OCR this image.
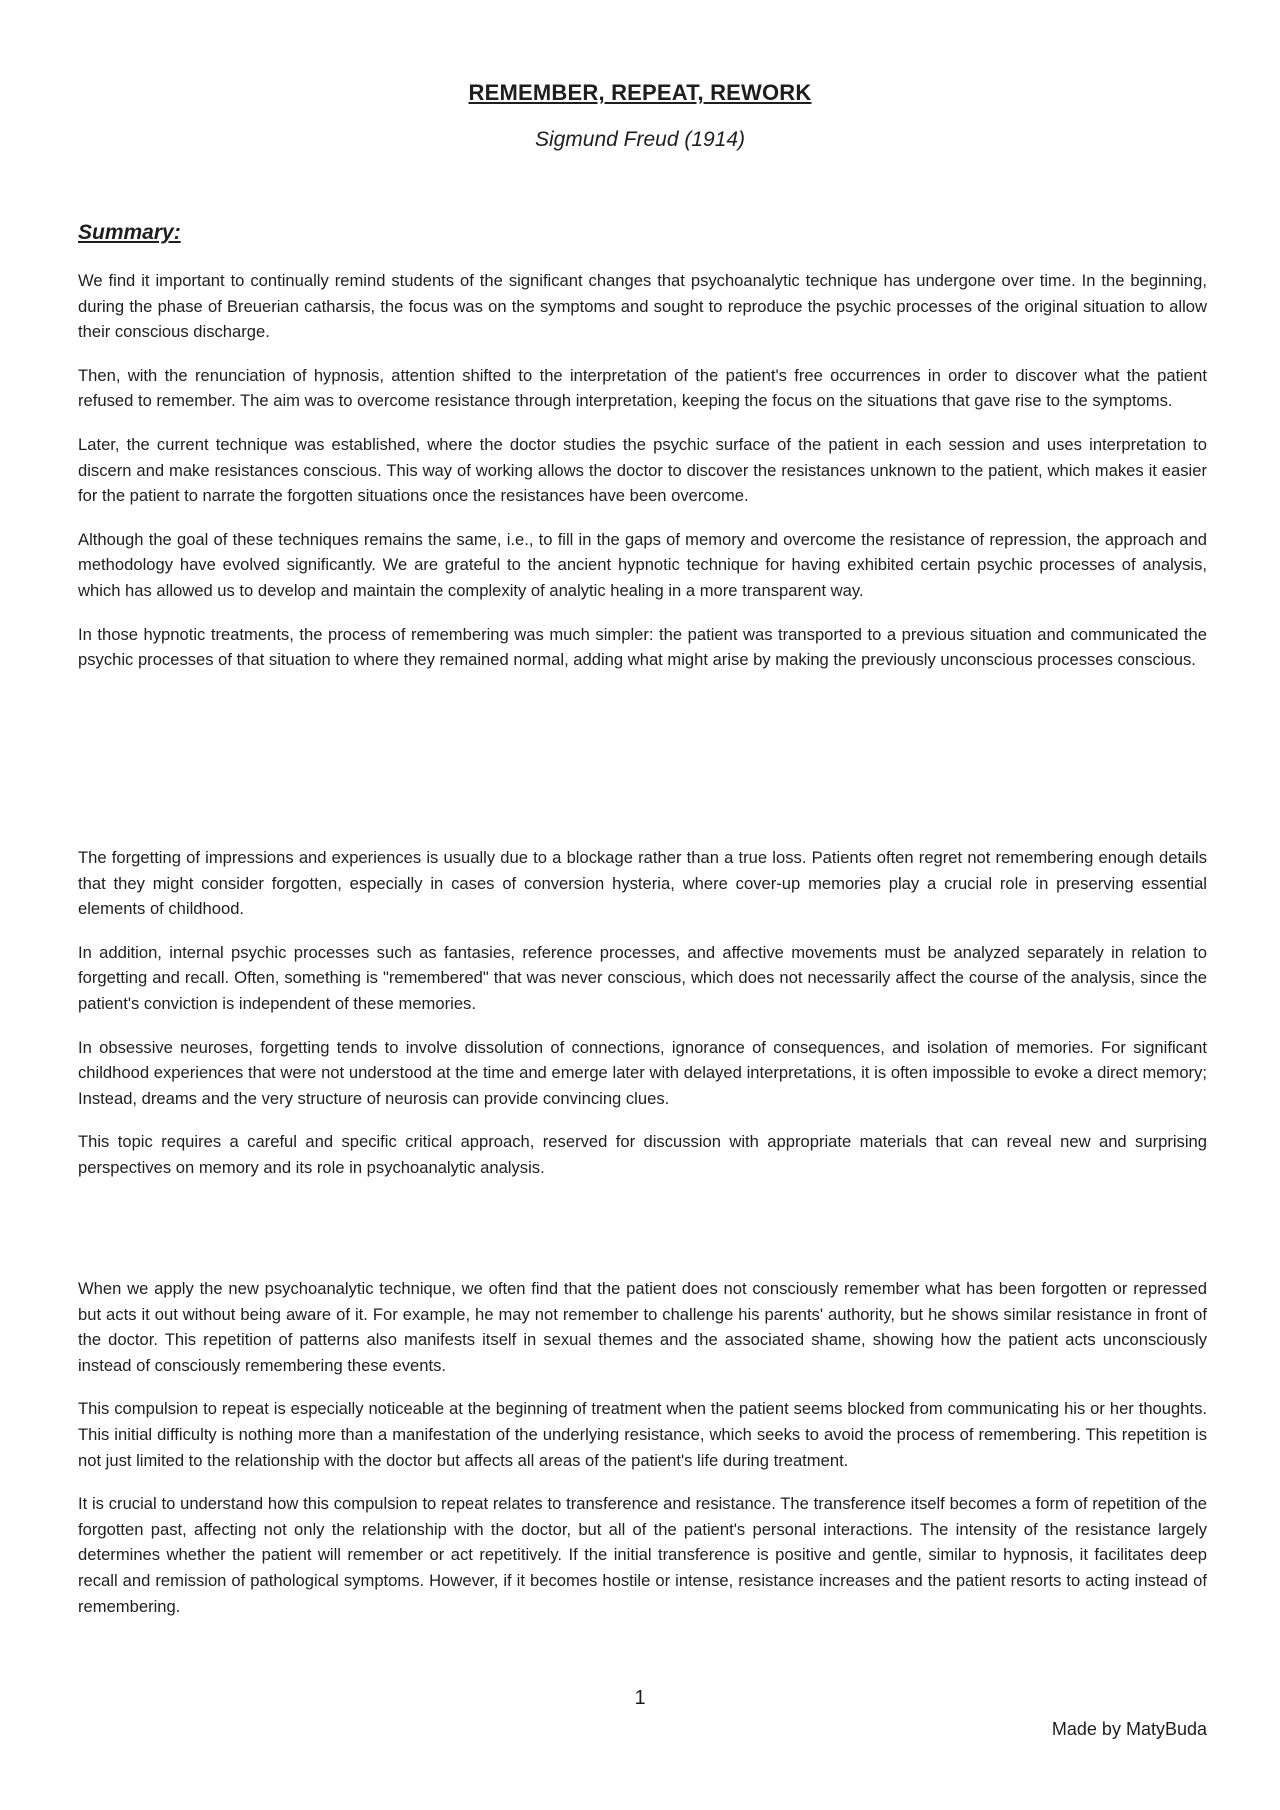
REMEMBER, REPEAT, REWORK
Sigmund Freud (1914)
Summary:

We find it important to continually remind students of the significant changes that psychoanalytic technique has undergone over time. In the beginning, during the phase of Breuerian catharsis, the focus was on the symptoms and sought to reproduce the psychic processes of the original situation to allow their conscious discharge.

Then, with the renunciation of hypnosis, attention shifted to the interpretation of the patient's free occurrences in order to discover what the patient refused to remember. The aim was to overcome resistance through interpretation, keeping the focus on the situations that gave rise to the symptoms.

Later, the current technique was established, where the doctor studies the psychic surface of the patient in each session and uses interpretation to discern and make resistances conscious. This way of working allows the doctor to discover the resistances unknown to the patient, which makes it easier for the patient to narrate the forgotten situations once the resistances have been overcome.

Although the goal of these techniques remains the same, i.e., to fill in the gaps of memory and overcome the resistance of repression, the approach and methodology have evolved significantly. We are grateful to the ancient hypnotic technique for having exhibited certain psychic processes of analysis, which has allowed us to develop and maintain the complexity of analytic healing in a more transparent way.

In those hypnotic treatments, the process of remembering was much simpler: the patient was transported to a previous situation and communicated the psychic processes of that situation to where they remained normal, adding what might arise by making the previously unconscious processes conscious.

The forgetting of impressions and experiences is usually due to a blockage rather than a true loss. Patients often regret not remembering enough details that they might consider forgotten, especially in cases of conversion hysteria, where cover-up memories play a crucial role in preserving essential elements of childhood.

In addition, internal psychic processes such as fantasies, reference processes, and affective movements must be analyzed separately in relation to forgetting and recall. Often, something is "remembered" that was never conscious, which does not necessarily affect the course of the analysis, since the patient's conviction is independent of these memories.

In obsessive neuroses, forgetting tends to involve dissolution of connections, ignorance of consequences, and isolation of memories. For significant childhood experiences that were not understood at the time and emerge later with delayed interpretations, it is often impossible to evoke a direct memory; Instead, dreams and the very structure of neurosis can provide convincing clues.

This topic requires a careful and specific critical approach, reserved for discussion with appropriate materials that can reveal new and surprising perspectives on memory and its role in psychoanalytic analysis.

When we apply the new psychoanalytic technique, we often find that the patient does not consciously remember what has been forgotten or repressed but acts it out without being aware of it. For example, he may not remember to challenge his parents' authority, but he shows similar resistance in front of the doctor. This repetition of patterns also manifests itself in sexual themes and the associated shame, showing how the patient acts unconsciously instead of consciously remembering these events.

This compulsion to repeat is especially noticeable at the beginning of treatment when the patient seems blocked from communicating his or her thoughts. This initial difficulty is nothing more than a manifestation of the underlying resistance, which seeks to avoid the process of remembering. This repetition is not just limited to the relationship with the doctor but affects all areas of the patient's life during treatment.

It is crucial to understand how this compulsion to repeat relates to transference and resistance. The transference itself becomes a form of repetition of the forgotten past, affecting not only the relationship with the doctor, but all of the patient's personal interactions. The intensity of the resistance largely determines whether the patient will remember or act repetitively. If the initial transference is positive and gentle, similar to hypnosis, it facilitates deep recall and remission of pathological symptoms. However, if it becomes hostile or intense, resistance increases and the patient resorts to acting instead of remembering.

1
Made by MatyBuda
